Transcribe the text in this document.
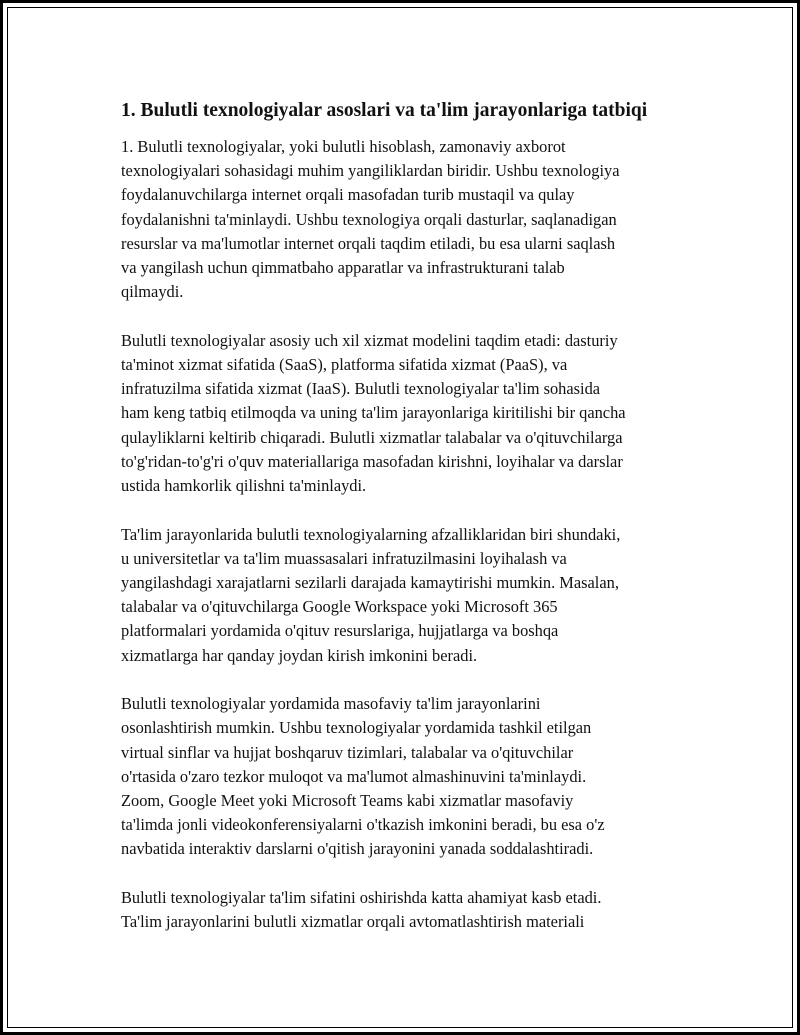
1. Bulutli texnologiyalar asoslari va ta'lim jarayonlariga tatbiqi
1. Bulutli texnologiyalar, yoki bulutli hisoblash, zamonaviy axborot
texnologiyalari sohasidagi muhim yangiliklardan biridir. Ushbu texnologiya
foydalanuvchilarga internet orqali masofadan turib mustaqil va qulay
foydalanishni ta'minlaydi. Ushbu texnologiya orqali dasturlar, saqlanadigan
resurslar va ma'lumotlar internet orqali taqdim etiladi, bu esa ularni saqlash
va yangilash uchun qimmatbaho apparatlar va infrastrukturani talab
qilmaydi.
Bulutli texnologiyalar asosiy uch xil xizmat modelini taqdim etadi: dasturiy
ta'minot xizmat sifatida (SaaS), platforma sifatida xizmat (PaaS), va
infratuzilma sifatida xizmat (IaaS). Bulutli texnologiyalar ta'lim sohasida
ham keng tatbiq etilmoqda va uning ta'lim jarayonlariga kiritilishi bir qancha
qulayliklarni keltirib chiqaradi. Bulutli xizmatlar talabalar va o'qituvchilarga
to'g'ridan-to'g'ri o'quv materiallariga masofadan kirishni, loyihalar va darslar
ustida hamkorlik qilishni ta'minlaydi.
Ta'lim jarayonlarida bulutli texnologiyalarning afzalliklaridan biri shundaki,
u universitetlar va ta'lim muassasalari infratuzilmasini loyihalash va
yangilashdagi xarajatlarni sezilarli darajada kamaytirishi mumkin. Masalan,
talabalar va o'qituvchilarga Google Workspace yoki Microsoft 365
platformalari yordamida o'qituv resurslariga, hujjatlarga va boshqa
xizmatlarga har qanday joydan kirish imkonini beradi.
Bulutli texnologiyalar yordamida masofaviy ta'lim jarayonlarini
osonlashtirish mumkin. Ushbu texnologiyalar yordamida tashkil etilgan
virtual sinflar va hujjat boshqaruv tizimlari, talabalar va o'qituvchilar
o'rtasida o'zaro tezkor muloqot va ma'lumot almashinuvini ta'minlaydi.
Zoom, Google Meet yoki Microsoft Teams kabi xizmatlar masofaviy
ta'limda jonli videokonferensiyalarni o'tkazish imkonini beradi, bu esa o'z
navbatida interaktiv darslarni o'qitish jarayonini yanada soddalashtiradi.
Bulutli texnologiyalar ta'lim sifatini oshirishda katta ahamiyat kasb etadi.
Ta'lim jarayonlarini bulutli xizmatlar orqali avtomatlashtirish materiali
